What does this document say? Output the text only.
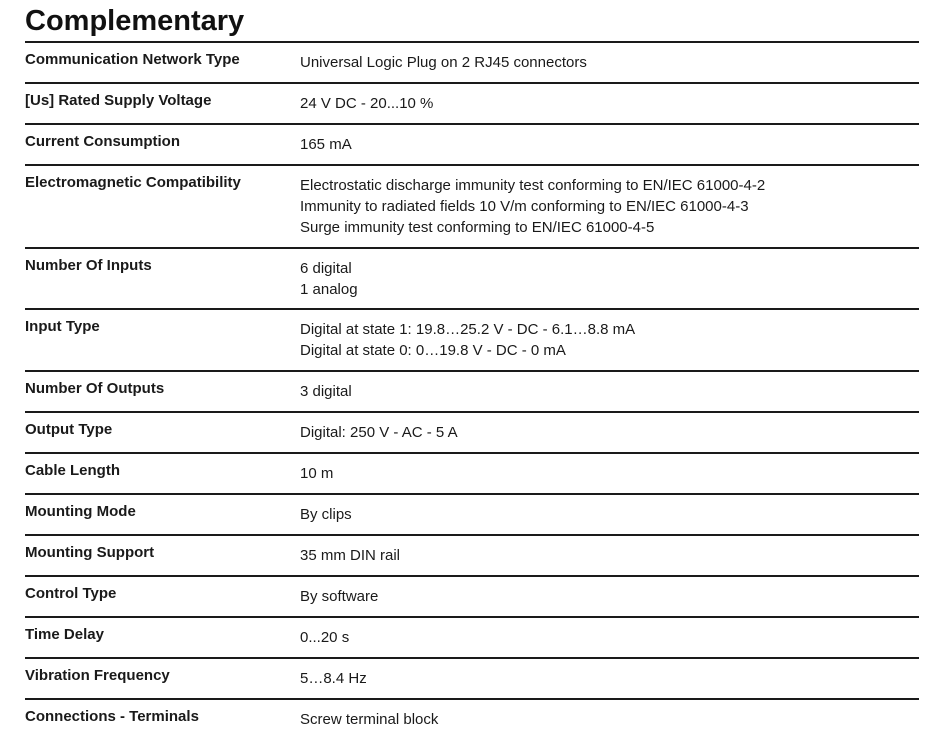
Complementary
Communication Network Type	Universal Logic Plug on 2 RJ45 connectors
[Us] Rated Supply Voltage	24 V DC - 20...10 %
Current Consumption	165 mA
Electromagnetic Compatibility	Electrostatic discharge immunity test conforming to EN/IEC 61000-4-2
Immunity to radiated fields 10 V/m conforming to EN/IEC 61000-4-3
Surge immunity test conforming to EN/IEC 61000-4-5
Number Of Inputs	6 digital
1 analog
Input Type	Digital at state 1: 19.8…25.2 V - DC - 6.1…8.8 mA
Digital at state 0: 0…19.8 V - DC - 0 mA
Number Of Outputs	3 digital
Output Type	Digital: 250 V - AC - 5 A
Cable Length	10 m
Mounting Mode	By clips
Mounting Support	35 mm DIN rail
Control Type	By software
Time Delay	0...20 s
Vibration Frequency	5…8.4 Hz
Connections - Terminals	Screw terminal block
